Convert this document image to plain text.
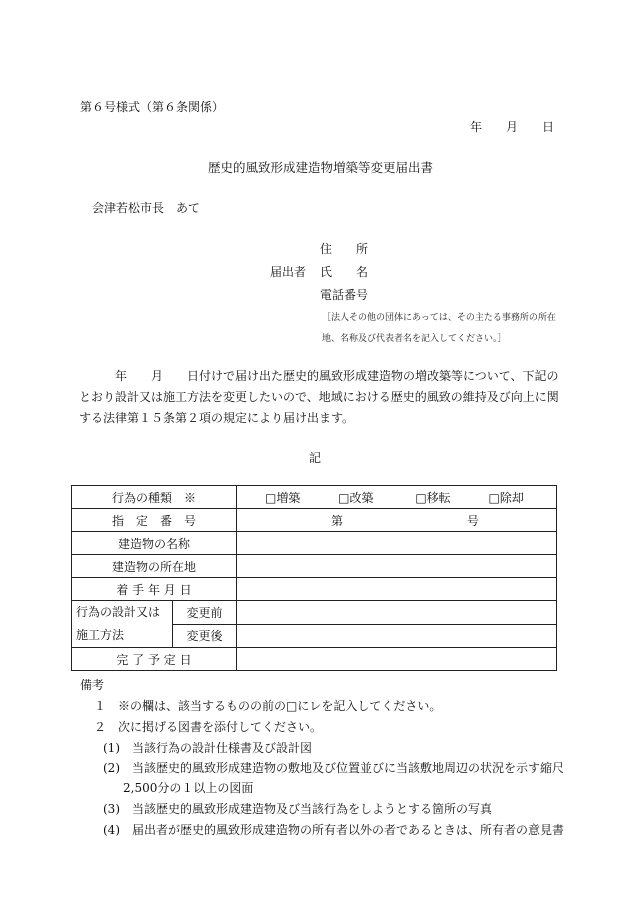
第６号様式（第６条関係）
年　　月　　日
歴史的風致形成建造物増築等変更届出書
会津若松市長　あて
住　　所
届出者 氏　　名
電話番号
［法人その他の団体にあっては、その主たる事務所の所在
地、名称及び代表者名を記入してください。］
年　　月　　日付けで届け出た歴史的風致形成建造物の増改築等について、下記の
とおり設計又は施工方法を変更したいので、地域における歴史的風致の維持及び向上に関
する法律第１５条第２項の規定により届け出ます。
記
行為の種類　※		□増築 □改築 □移転 □除却
指　定　番　号		第 号
建造物の名称		
建造物の所在地		
着 手 年 月 日		

行為の設計又は
施工方法	変更前	
	変更後	
完 了 予 定 日		
備考
１　※の欄は、該当するものの前の□にレを記入してください。
２　次に掲げる図書を添付してください。
(1)　当該行為の設計仕様書及び設計図
(2)　当該歴史的風致形成建造物の敷地及び位置並びに当該敷地周辺の状況を示す縮尺
2,500分の１以上の図面
(3)　当該歴史的風致形成建造物及び当該行為をしようとする箇所の写真
(4)　届出者が歴史的風致形成建造物の所有者以外の者であるときは、所有者の意見書
